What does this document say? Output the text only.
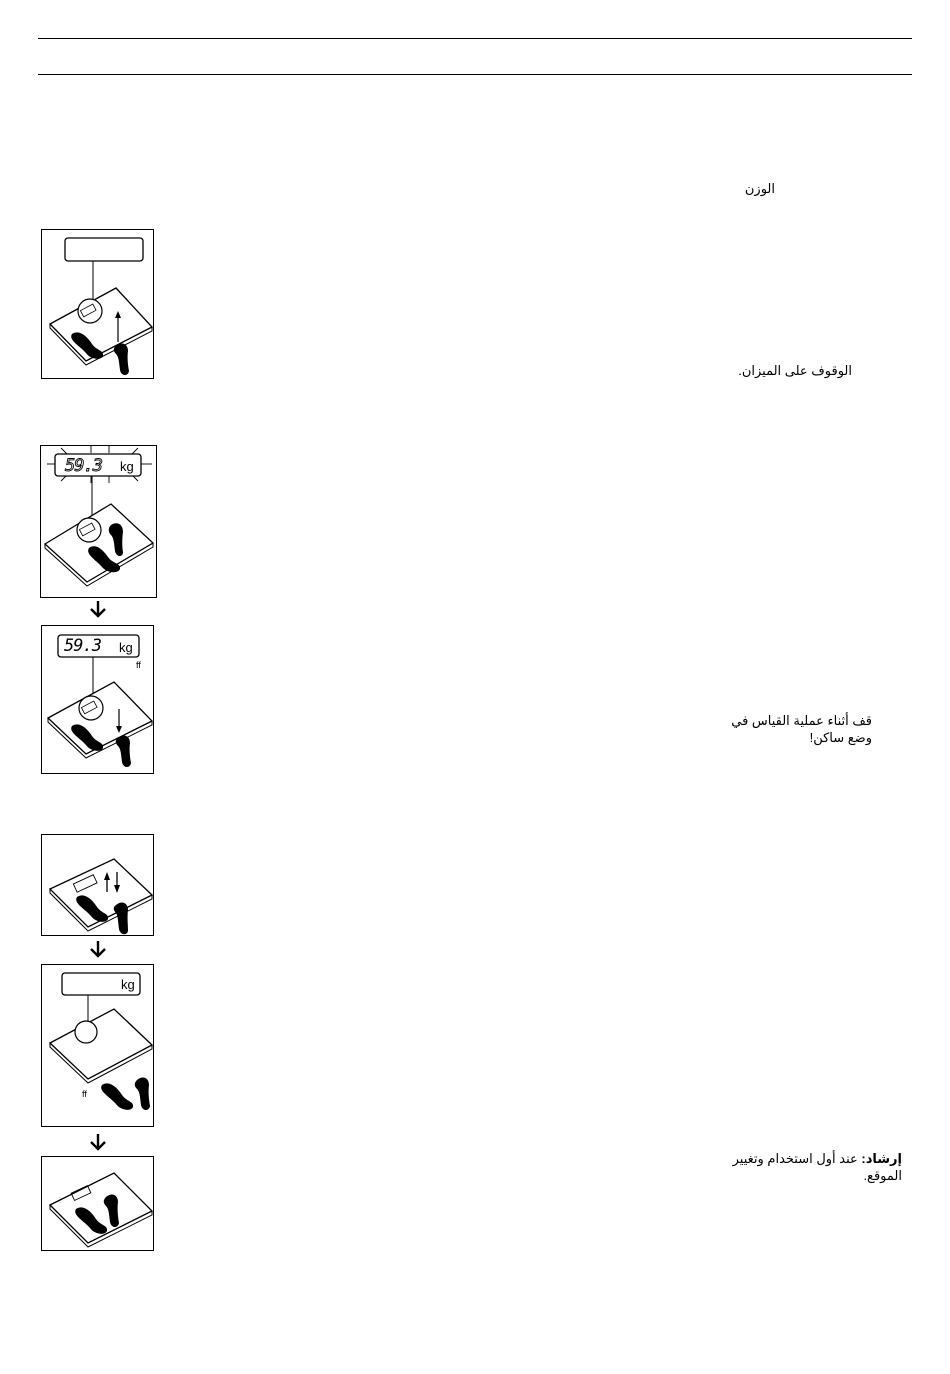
الوزن
الوقوف على الميزان.
قف أثناء عملية القياس في
وضع ساكن!
إرشاد: عند أول استخدام وتغيير
الموقع.
59.3 kg
59.3 kg
ff
kg
ff
